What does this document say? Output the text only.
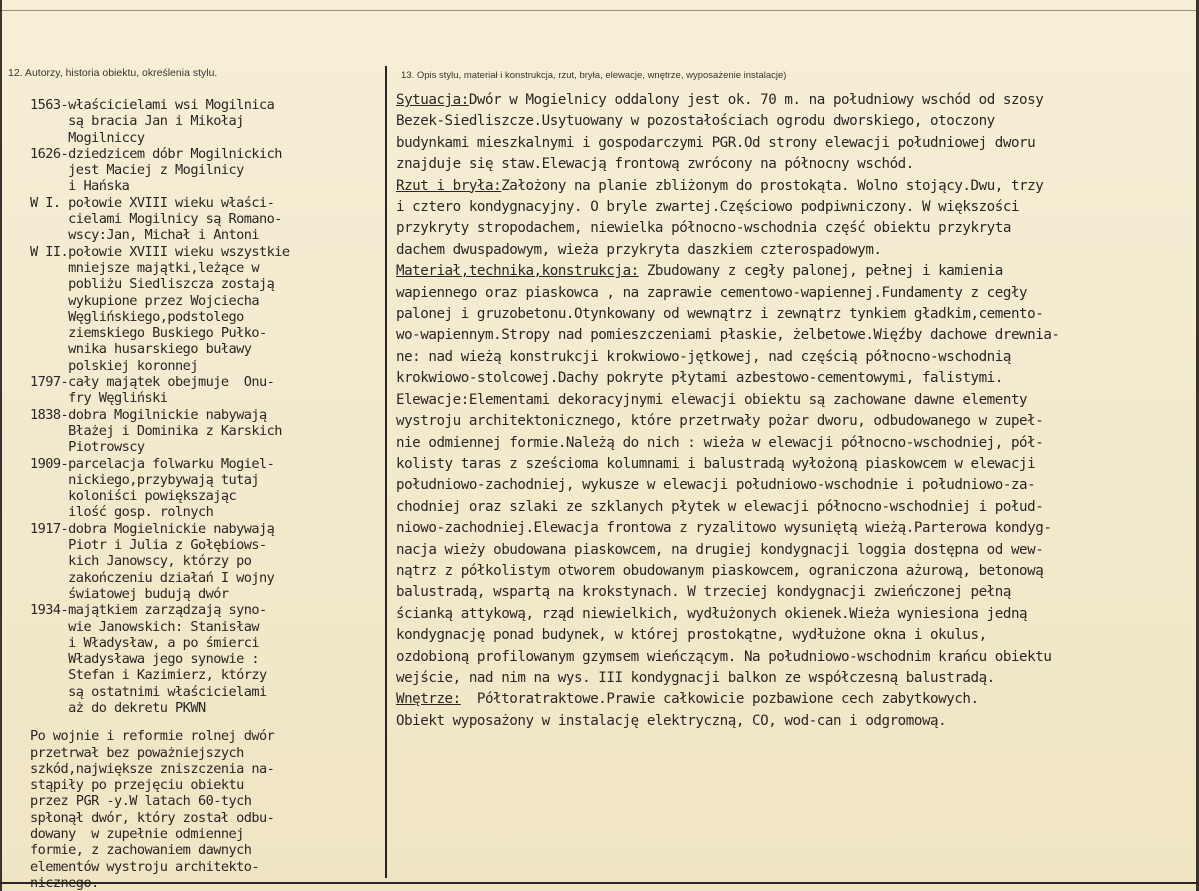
12. Autorzy, historia obiektu, określenia stylu.	13. Opis stylu, materiał i konstrukcja, rzut, bryła, elewacje, wnętrze, wyposażenie instalacje)
1563-właścicielami wsi Mogilnica
są bracia Jan i Mikołaj
Mogilniccy
1626-dziedzicem dóbr Mogilnickich
jest Maciej z Mogilnicy
i Hańska
W I. połowie XVIII wieku właści-
cielami Mogilnicy są Romano-
wscy:Jan, Michał i Antoni
W II.połowie XVIII wieku wszystkie
mniejsze majątki,leżące w
pobliżu Siedliszcza zostają
wykupione przez Wojciecha
Węglińskiego,podstolego
ziemskiego Buskiego Pułko-
wnika husarskiego buławy
polskiej koronnej
1797-cały majątek obejmuje  Onu-
fry Węgliński
1838-dobra Mogilnickie nabywają
Błażej i Dominika z Karskich
Piotrowscy
1909-parcelacja folwarku Mogiel-
nickiego,przybywają tutaj
koloniści powiększając
ilość gosp. rolnych
1917-dobra Mogielnickie nabywają
Piotr i Julia z Gołębiows-
kich Janowscy, którzy po
zakończeniu działań I wojny
światowej budują dwór
1934-majątkiem zarządzają syno-
wie Janowskich: Stanisław
i Władysław, a po śmierci
Władysława jego synowie :
Stefan i Kazimierz, którzy
są ostatnimi właścicielami
aż do dekretu PKWN
Po wojnie i reformie rolnej dwór
przetrwał bez poważniejszych
szkód,największe zniszczenia na-
stąpiły po przejęciu obiektu
przez PGR -y.W latach 60-tych
spłonął dwór, który został odbu-
dowany  w zupełnie odmiennej
formie, z zachowaniem dawnych
elementów wystroju architekto-
nicznego.
Sytuacja:Dwór w Mogielnicy oddalony jest ok. 70 m. na południowy wschód od szosy
Bezek-Siedliszcze.Usytuowany w pozostałościach ogrodu dworskiego, otoczony
budynkami mieszkalnymi i gospodarczymi PGR.Od strony elewacji południowej dworu
znajduje się staw.Elewacją frontową zwrócony na północny wschód.
Rzut i bryła:Założony na planie zbliżonym do prostokąta. Wolno stojący.Dwu, trzy
i cztero kondygnacyjny. O bryle zwartej.Częściowo podpiwniczony. W większości
przykryty stropodachem, niewielka północno-wschodnia część obiektu przykryta
dachem dwuspadowym, wieża przykryta daszkiem czterospadowym.
Materiał,technika,konstrukcja: Zbudowany z cegły palonej, pełnej i kamienia
wapiennego oraz piaskowca , na zaprawie cementowo-wapiennej.Fundamenty z cegły
palonej i gruzobetonu.Otynkowany od wewnątrz i zewnątrz tynkiem gładkim,cemento-
wo-wapiennym.Stropy nad pomieszczeniami płaskie, żelbetowe.Więźby dachowe drewnia-
ne: nad wieżą konstrukcji krokwiowo-jętkowej, nad częścią północno-wschodnią
krokwiowo-stolcowej.Dachy pokryte płytami azbestowo-cementowymi, falistymi.
Elewacje:Elementami dekoracyjnymi elewacji obiektu są zachowane dawne elementy
wystroju architektonicznego, które przetrwały pożar dworu, odbudowanego w zupeł-
nie odmiennej formie.Należą do nich : wieża w elewacji północno-wschodniej, pół-
kolisty taras z sześcioma kolumnami i balustradą wyłożoną piaskowcem w elewacji
południowo-zachodniej, wykusze w elewacji południowo-wschodnie i południowo-za-
chodniej oraz szlaki ze szklanych płytek w elewacji północno-wschodniej i połud-
niowo-zachodniej.Elewacja frontowa z ryzalitowo wysuniętą wieżą.Parterowa kondyg-
nacja wieży obudowana piaskowcem, na drugiej kondygnacji loggia dostępna od wew-
nątrz z półkolistym otworem obudowanym piaskowcem, ograniczona ażurową, betonową
balustradą, wspartą na krokstynach. W trzeciej kondygnacji zwieńczonej pełną
ścianką attykową, rząd niewielkich, wydłużonych okienek.Wieża wyniesiona jedną
kondygnację ponad budynek, w której prostokątne, wydłużone okna i okulus,
ozdobioną profilowanym gzymsem wieńczącym. Na południowo-wschodnim krańcu obiektu
wejście, nad nim na wys. III kondygnacji balkon ze współczesną balustradą.
Wnętrze:  Półtoratraktowe.Prawie całkowicie pozbawione cech zabytkowych.
Obiekt wyposażony w instalację elektryczną, CO, wod-can i odgromową.
